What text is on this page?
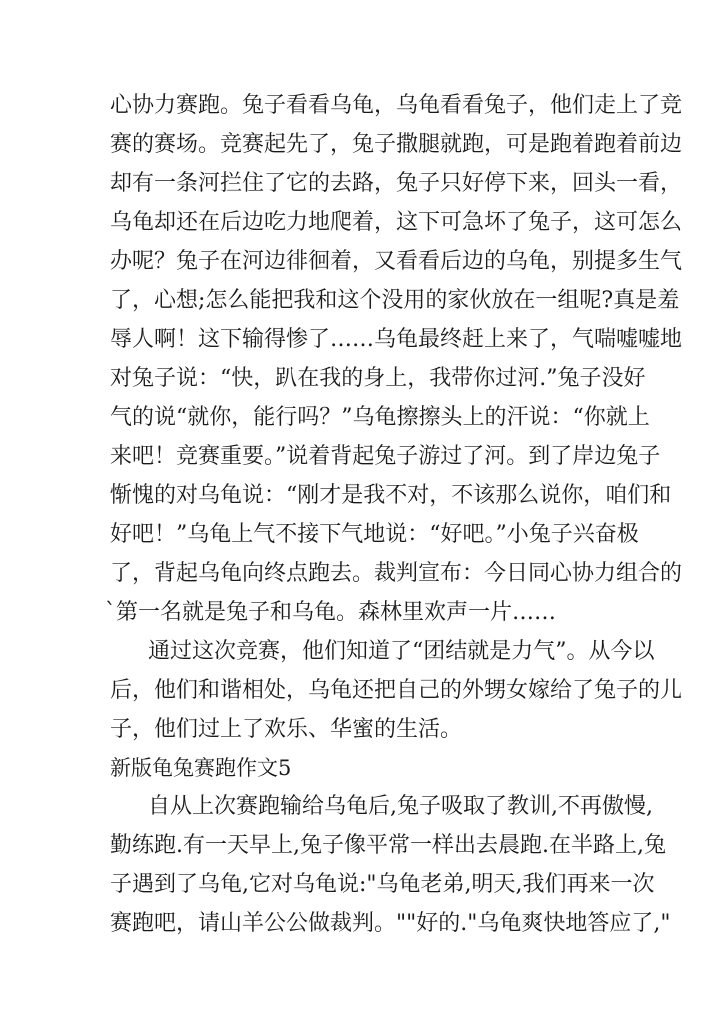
心协力赛跑。兔子看看乌龟，乌龟看看兔子，他们走上了竞

赛的赛场。竞赛起先了，兔子撒腿就跑，可是跑着跑着前边

却有一条河拦住了它的去路，兔子只好停下来，回头一看，

乌龟却还在后边吃力地爬着，这下可急坏了兔子，这可怎么

办呢？兔子在河边徘徊着，又看看后边的乌龟，别提多生气

了，心想;怎么能把我和这个没用的家伙放在一组呢?真是羞

辱人啊！这下输得惨了……乌龟最终赶上来了，气喘嘘嘘地

对兔子说：“快，趴在我的身上，我带你过河.”兔子没好

气的说“就你，能行吗？”乌龟擦擦头上的汗说：“你就上

来吧！竞赛重要。”说着背起兔子游过了河。到了岸边兔子

惭愧的对乌龟说：“刚才是我不对，不该那么说你，咱们和

好吧！”乌龟上气不接下气地说：“好吧。”小兔子兴奋极

了，背起乌龟向终点跑去。裁判宣布：今日同心协力组合的

`第一名就是兔子和乌龟。森林里欢声一片……

通过这次竞赛，他们知道了“团结就是力气”。从今以

后，他们和谐相处，乌龟还把自己的外甥女嫁给了兔子的儿

子，他们过上了欢乐、华蜜的生活。

新版龟兔赛跑作文5

自从上次赛跑输给乌龟后,兔子吸取了教训,不再傲慢,

勤练跑.有一天早上,兔子像平常一样出去晨跑.在半路上,兔

子遇到了乌龟,它对乌龟说:"乌龟老弟,明天,我们再来一次

赛跑吧，请山羊公公做裁判。""好的."乌龟爽快地答应了,"
